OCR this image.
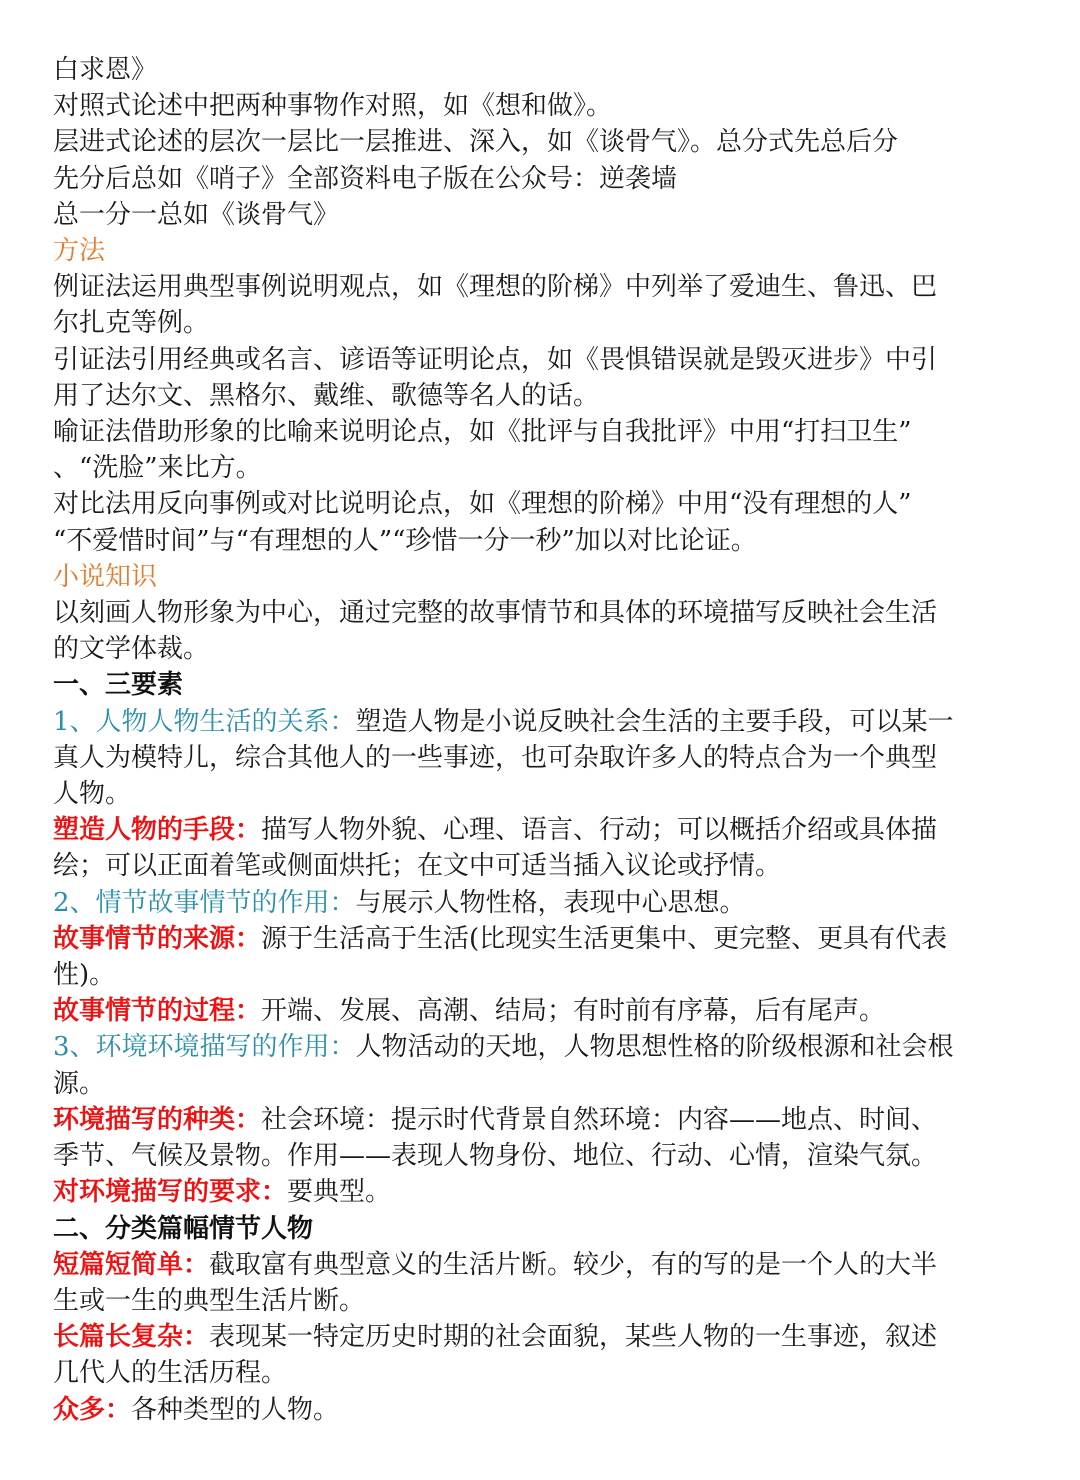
白求恩》

对照式论述中把两种事物作对照，如《想和做》。

层进式论述的层次一层比一层推进、深入，如《谈骨气》。总分式先总后分

先分后总如《哨子》全部资料电子版在公众号：逆袭墙

总一分一总如《谈骨气》

方法

例证法运用典型事例说明观点，如《理想的阶梯》中列举了爱迪生、鲁迅、巴

尔扎克等例。

引证法引用经典或名言、谚语等证明论点，如《畏惧错误就是毁灭进步》中引

用了达尔文、黑格尔、戴维、歌德等名人的话。

喻证法借助形象的比喻来说明论点，如《批评与自我批评》中用“打扫卫生”

、“洗脸”来比方。

对比法用反向事例或对比说明论点，如《理想的阶梯》中用“没有理想的人”

“不爱惜时间”与“有理想的人”“珍惜一分一秒”加以对比论证。

小说知识

以刻画人物形象为中心，通过完整的故事情节和具体的环境描写反映社会生活

的文学体裁。

一、三要素

1、人物人物生活的关系：塑造人物是小说反映社会生活的主要手段，可以某一

真人为模特儿，综合其他人的一些事迹，也可杂取许多人的特点合为一个典型

人物。

塑造人物的手段：描写人物外貌、心理、语言、行动；可以概括介绍或具体描

绘；可以正面着笔或侧面烘托；在文中可适当插入议论或抒情。

2、情节故事情节的作用：与展示人物性格，表现中心思想。

故事情节的来源：源于生活高于生活(比现实生活更集中、更完整、更具有代表

性)。

故事情节的过程：开端、发展、高潮、结局；有时前有序幕，后有尾声。

3、环境环境描写的作用：人物活动的天地，人物思想性格的阶级根源和社会根

源。

环境描写的种类：社会环境：提示时代背景自然环境：内容——地点、时间、

季节、气候及景物。作用——表现人物身份、地位、行动、心情，渲染气氛。

对环境描写的要求：要典型。

二、分类篇幅情节人物

短篇短简单：截取富有典型意义的生活片断。较少，有的写的是一个人的大半

生或一生的典型生活片断。

长篇长复杂：表现某一特定历史时期的社会面貌，某些人物的一生事迹，叙述

几代人的生活历程。

众多：各种类型的人物。
